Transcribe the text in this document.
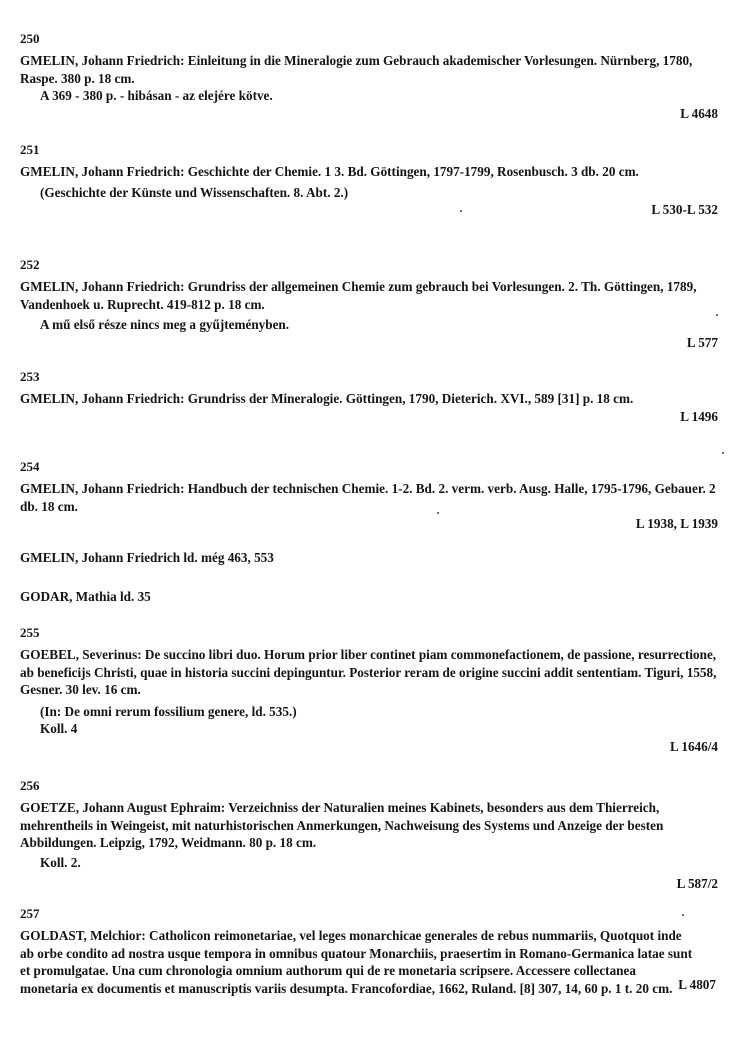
250
GMELIN, Johann Friedrich: Einleitung in die Mineralogie zum Gebrauch akademischer Vorlesungen. Nürnberg, 1780, Raspe. 380 p. 18 cm.
A 369 - 380 p. - hibásan - az elejére kötve.
L 4648
251
GMELIN, Johann Friedrich: Geschichte der Chemie. 1 3. Bd. Göttingen, 1797-1799, Rosenbusch. 3 db. 20 cm.
(Geschichte der Künste und Wissenschaften. 8. Abt. 2.)
L 530-L 532
252
GMELIN, Johann Friedrich: Grundriss der allgemeinen Chemie zum gebrauch bei Vorlesungen. 2. Th. Göttingen, 1789, Vandenhoek u. Ruprecht. 419-812 p. 18 cm.
A mű első része nincs meg a gyűjteményben.
L 577
253
GMELIN, Johann Friedrich: Grundriss der Mineralogie. Göttingen, 1790, Dieterich. XVI., 589 [31] p. 18 cm.
L 1496
254
GMELIN, Johann Friedrich: Handbuch der technischen Chemie. 1-2. Bd. 2. verm. verb. Ausg. Halle, 1795-1796, Gebauer. 2 db. 18 cm.
L 1938, L 1939
GMELIN, Johann Friedrich ld. még 463, 553
GODAR, Mathia ld. 35
255
GOEBEL, Severinus: De succino libri duo. Horum prior liber continet piam commonefactionem, de passione, resurrectione, ab beneficijs Christi, quae in historia succini depinguntur. Posterior reram de origine succini addit sententiam. Tiguri, 1558, Gesner. 30 lev. 16 cm.
(In: De omni rerum fossilium genere, ld. 535.)
Koll. 4
L 1646/4
256
GOETZE, Johann August Ephraim: Verzeichniss der Naturalien meines Kabinets, besonders aus dem Thierreich, mehrentheils in Weingeist, mit naturhistorischen Anmerkungen, Nachweisung des Systems und Anzeige der besten Abbildungen. Leipzig, 1792, Weidmann. 80 p. 18 cm.
Koll. 2.
L 587/2
257
GOLDAST, Melchior: Catholicon reimonetariae, vel leges monarchicae generales de rebus nummariis, Quotquot inde ab orbe condito ad nostra usque tempora in omnibus quatour Monarchiis, praesertim in Romano-Germanica latae sunt et promulgatae. Una cum chronologia omnium authorum qui de re monetaria scripsere. Accessere collectanea monetaria ex documentis et manuscriptis variis desumpta. Francofordiae, 1662, Ruland. [8] 307, 14, 60 p. 1 t. 20 cm. L 4807
